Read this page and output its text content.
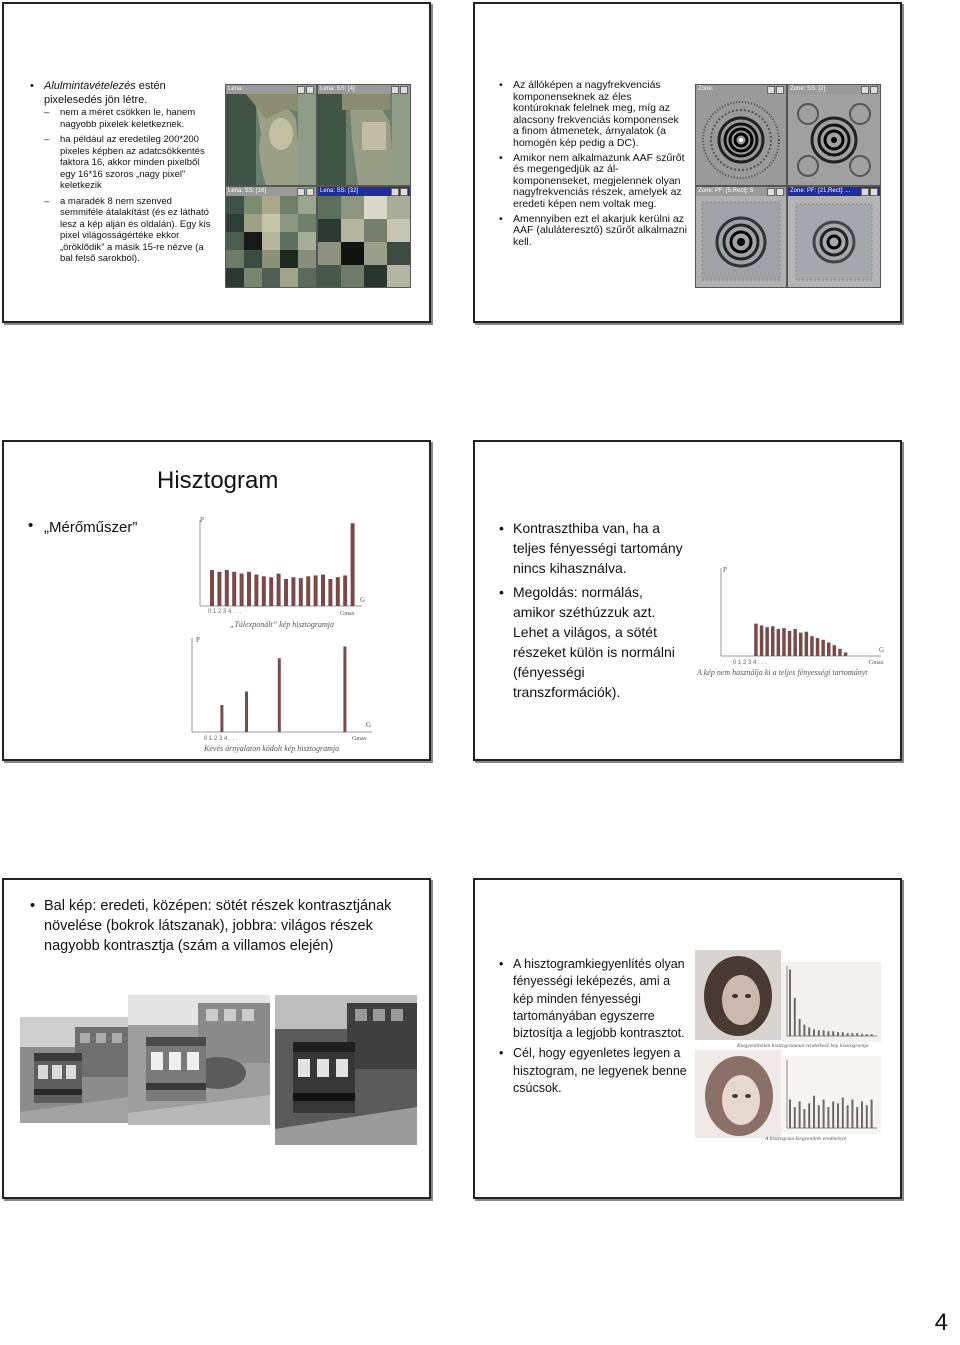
• Alulmintavételezés estén pixelesedés jön létre.
– nem a méret csökken le, hanem nagyobb pixelek keletkeznek.
– ha például az eredetileg 200*200 pixeles képben az adatcsökkentés faktora 16, akkor minden pixelből egy 16*16 szoros „nagy pixel” keletkezik
– a maradék 8 nem szenved semmiféle átalakítást (és ez látható lesz a kép alján és oldalán). Egy kis pixel világosságértéke ekkor „öröklődik” a másik 15-re nézve (a bal felső sarokból).
Lena:	Lena: SS: [4]
Lena: SS: [16]	Lena: SS: [32]
• Az állóképen a nagyfrekvenciás komponenseknek az éles kontúroknak felelnek meg, míg az alacsony frekvenciás komponensek a finom átmenetek, árnyalatok (a homogén kép pedig a DC).
• Amikor nem alkalmazunk AAF szűrőt és megengedjük az ál-komponenseket, megjelennek olyan nagyfrekvenciás részek, amelyek az eredeti képen nem voltak meg.
• Amennyiben ezt el akarjuk kerülni az AAF (aluláteresztő) szűrőt alkalmazni kell.
Zone:	Zone: SS: [2]
Zone: PF: [5,Rect]: 5	Zone: PF: [21,Rect]: ...
Hisztogram
„Mérőműszer”
•	P
G
Gmax
0 1 2 3 4 . . .
„Túlexponált” kép hisztogramja
P
G
0 1 2 3 4 . . .	Gmax
Kevés árnyalaton kódolt kép hisztogramja
• Kontraszthiba van, ha a teljes fényességi tartomány nincs kihasználva.
• Megoldás: normálás, amikor széthúzzuk azt. Lehet a világos, a sötét részeket külön is normálni (fényességi transzformációk).
P
G
0 1 2 3 4 . . .	Gmax
A kép nem használja ki a teljes fényességi tartományt
• Bal kép: eredeti, középen: sötét részek kontrasztjának növelése (bokrok látszanak), jobbra: világos részek nagyobb kontrasztja (szám a villamos elején)
• A hisztogramkiegyenlítés olyan fényességi leképezés, ami a kép minden fényességi tartományában egyszerre biztosítja a legjobb kontrasztot.
• Cél, hogy egyenletes legyen a hisztogram, ne legyenek benne csúcsok.
Kiegyenlítetlen hisztogrammal rendelkező kép hisztogramja
A hisztogram kiegyenlítés eredménye
4
